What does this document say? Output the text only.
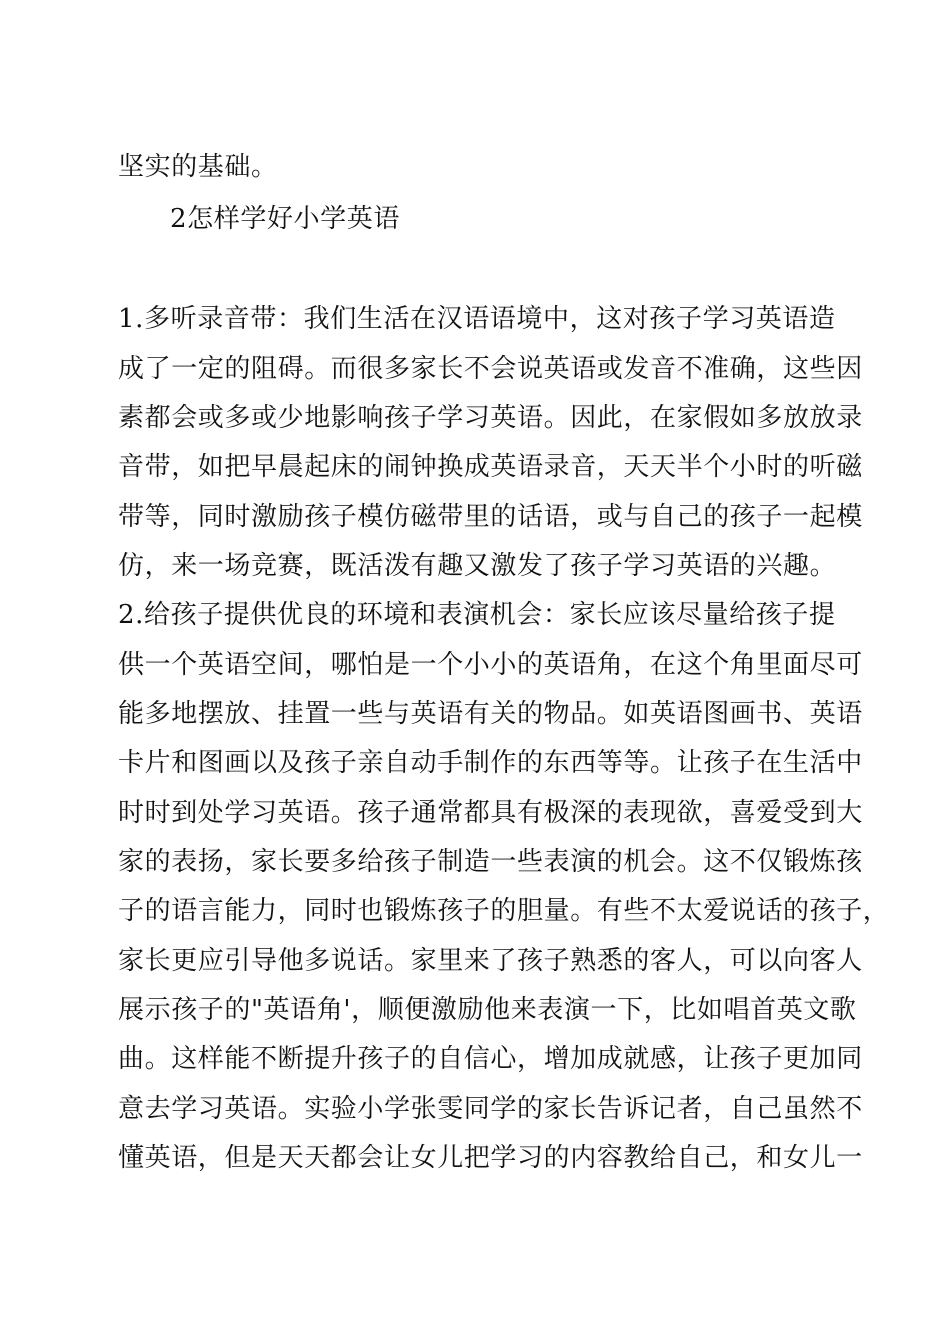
坚实的基础。
2怎样学好小学英语
1.多听录音带：我们生活在汉语语境中，这对孩子学习英语造
成了一定的阻碍。而很多家长不会说英语或发音不准确，这些因
素都会或多或少地影响孩子学习英语。因此，在家假如多放放录
音带，如把早晨起床的闹钟换成英语录音，天天半个小时的听磁
带等，同时激励孩子模仿磁带里的话语，或与自己的孩子一起模
仿，来一场竞赛，既活泼有趣又激发了孩子学习英语的兴趣。
2.给孩子提供优良的环境和表演机会：家长应该尽量给孩子提
供一个英语空间，哪怕是一个小小的英语角，在这个角里面尽可
能多地摆放、挂置一些与英语有关的物品。如英语图画书、英语
卡片和图画以及孩子亲自动手制作的东西等等。让孩子在生活中
时时到处学习英语。孩子通常都具有极深的表现欲，喜爱受到大
家的表扬，家长要多给孩子制造一些表演的机会。这不仅锻炼孩
子的语言能力，同时也锻炼孩子的胆量。有些不太爱说话的孩子，
家长更应引导他多说话。家里来了孩子熟悉的客人，可以向客人
展示孩子的"英语角'，顺便激励他来表演一下，比如唱首英文歌
曲。这样能不断提升孩子的自信心，增加成就感，让孩子更加同
意去学习英语。实验小学张雯同学的家长告诉记者，自己虽然不
懂英语，但是天天都会让女儿把学习的内容教给自己，和女儿一
